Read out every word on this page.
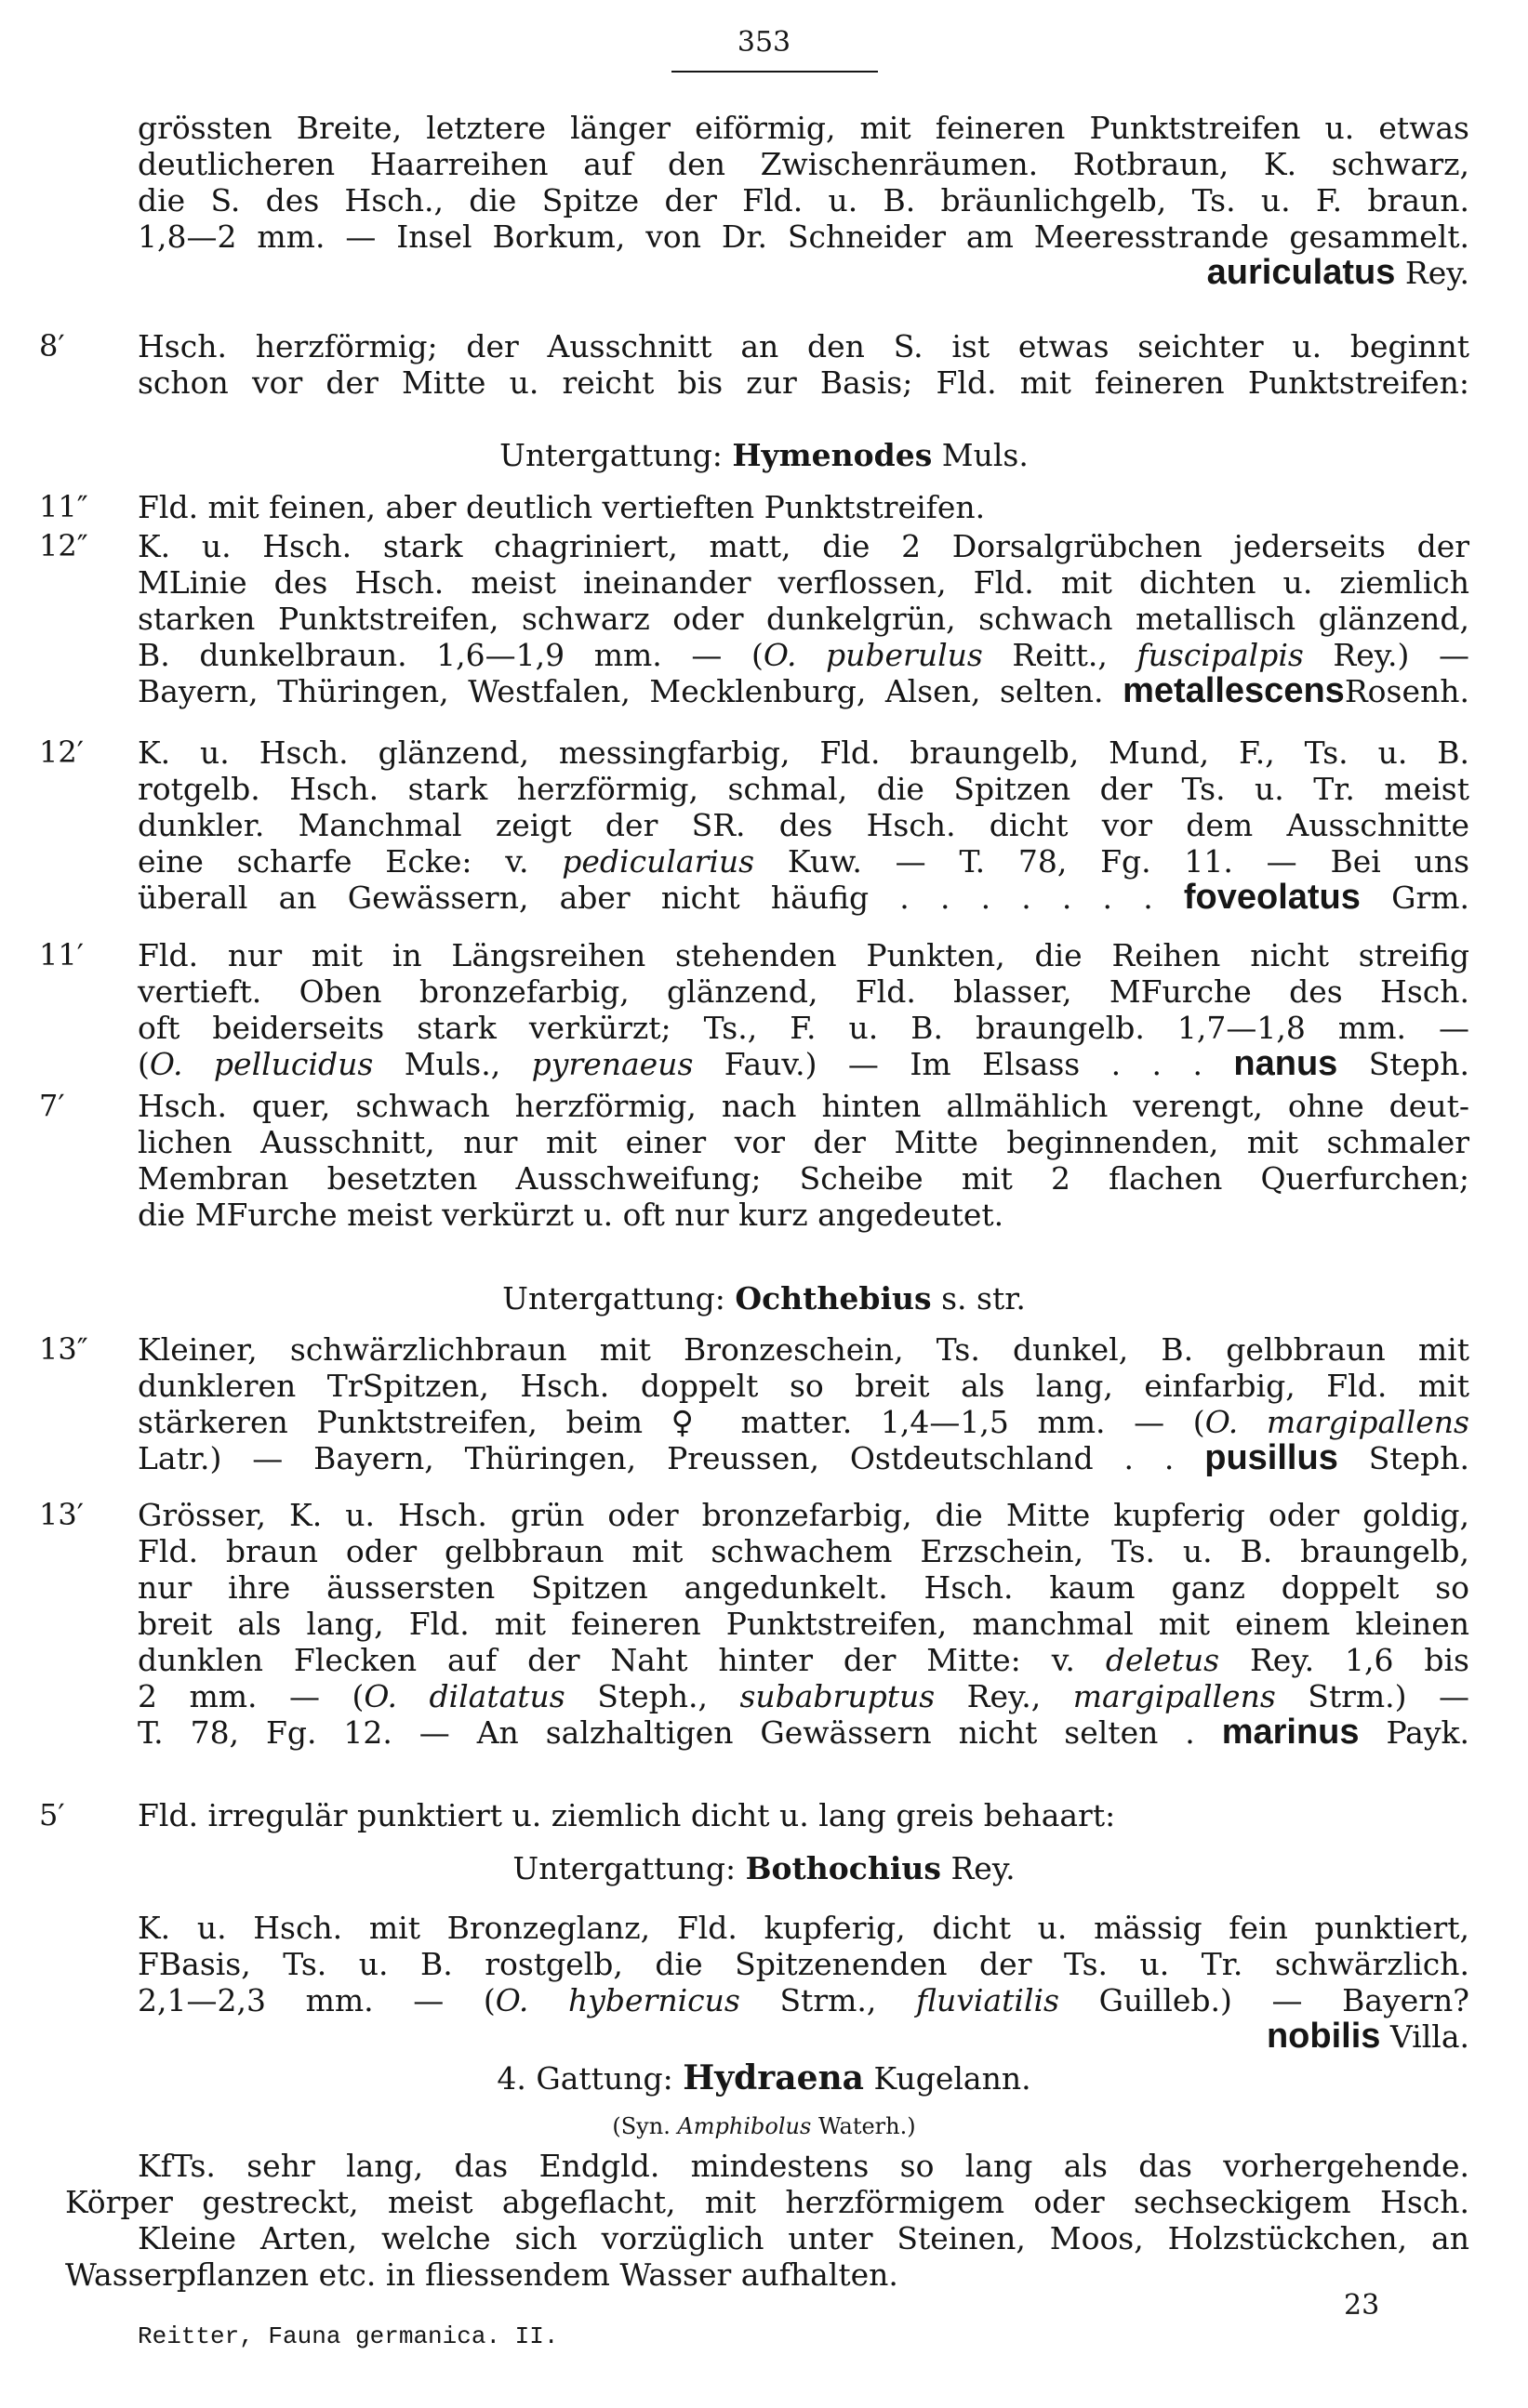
353
grössten Breite, letztere länger eiförmig, mit feineren Punktstreifen u. etwas
deutlicheren Haarreihen auf den Zwischenräumen. Rotbraun, K. schwarz,
die S. des Hsch., die Spitze der Fld. u. B. bräunlichgelb, Ts. u. F. braun.
1,8—2 mm. — Insel Borkum, von Dr. Schneider am Meeresstrande gesammelt.
auriculatus Rey.
8′	Hsch. herzförmig; der Ausschnitt an den S. ist etwas seichter u. beginnt
schon vor der Mitte u. reicht bis zur Basis; Fld. mit feineren Punktstreifen:
Untergattung: Hymenodes Muls.
11″	Fld. mit feinen, aber deutlich vertieften Punktstreifen.
12″	K. u. Hsch. stark chagriniert, matt, die 2 Dorsalgrübchen jederseits der
MLinie des Hsch. meist ineinander verflossen, Fld. mit dichten u. ziemlich
starken Punktstreifen, schwarz oder dunkelgrün, schwach metallisch glänzend,
B. dunkelbraun. 1,6—1,9 mm. — (O. puberulus Reitt., fuscipalpis Rey.) —
Bayern, Thüringen, Westfalen, Mecklenburg, Alsen, selten. metallescensRosenh.
12′	K. u. Hsch. glänzend, messingfarbig, Fld. braungelb, Mund, F., Ts. u. B.
rotgelb. Hsch. stark herzförmig, schmal, die Spitzen der Ts. u. Tr. meist
dunkler. Manchmal zeigt der SR. des Hsch. dicht vor dem Ausschnitte
eine scharfe Ecke: v. pedicularius Kuw. — T. 78, Fg. 11. — Bei uns
überall an Gewässern, aber nicht häufig . . . . . . . foveolatus Grm.
11′	Fld. nur mit in Längsreihen stehenden Punkten, die Reihen nicht streifig
vertieft. Oben bronzefarbig, glänzend, Fld. blasser, MFurche des Hsch.
oft beiderseits stark verkürzt; Ts., F. u. B. braungelb. 1,7—1,8 mm. —
(O. pellucidus Muls., pyrenaeus Fauv.) — Im Elsass . . . nanus Steph.
7′	Hsch. quer, schwach herzförmig, nach hinten allmählich verengt, ohne deut-
lichen Ausschnitt, nur mit einer vor der Mitte beginnenden, mit schmaler
Membran besetzten Ausschweifung; Scheibe mit 2 flachen Querfurchen;
die MFurche meist verkürzt u. oft nur kurz angedeutet.
Untergattung: Ochthebius s. str.
13″	Kleiner, schwärzlichbraun mit Bronzeschein, Ts. dunkel, B. gelbbraun mit
dunkleren TrSpitzen, Hsch. doppelt so breit als lang, einfarbig, Fld. mit
stärkeren Punktstreifen, beim ♀ matter. 1,4—1,5 mm. — (O. margipallens
Latr.) — Bayern, Thüringen, Preussen, Ostdeutschland . . pusillus Steph.
13′	Grösser, K. u. Hsch. grün oder bronzefarbig, die Mitte kupferig oder goldig,
Fld. braun oder gelbbraun mit schwachem Erzschein, Ts. u. B. braungelb,
nur ihre äussersten Spitzen angedunkelt. Hsch. kaum ganz doppelt so
breit als lang, Fld. mit feineren Punktstreifen, manchmal mit einem kleinen
dunklen Flecken auf der Naht hinter der Mitte: v. deletus Rey. 1,6 bis
2 mm. — (O. dilatatus Steph., subabruptus Rey., margipallens Strm.) —
T. 78, Fg. 12. — An salzhaltigen Gewässern nicht selten . marinus Payk.
5′	Fld. irregulär punktiert u. ziemlich dicht u. lang greis behaart:
Untergattung: Bothochius Rey.
K. u. Hsch. mit Bronzeglanz, Fld. kupferig, dicht u. mässig fein punktiert,
FBasis, Ts. u. B. rostgelb, die Spitzenenden der Ts. u. Tr. schwärzlich.
2,1—2,3 mm. — (O. hybernicus Strm., fluviatilis Guilleb.) — Bayern?
nobilis Villa.
4. Gattung: Hydraena Kugelann.
(Syn. Amphibolus Waterh.)
KfTs. sehr lang, das Endgld. mindestens so lang als das vorhergehende.
Körper gestreckt, meist abgeflacht, mit herzförmigem oder sechseckigem Hsch.
Kleine Arten, welche sich vorzüglich unter Steinen, Moos, Holzstückchen, an
Wasserpflanzen etc. in fliessendem Wasser aufhalten.
Reitter, Fauna germanica. II.
23
